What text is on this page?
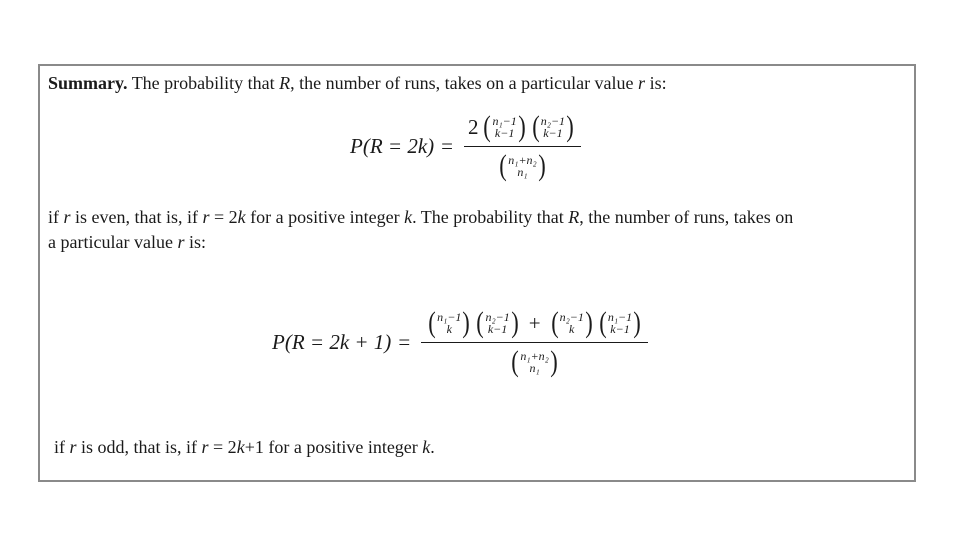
Summary. The probability that R, the number of runs, takes on a particular value r is:
P(R = 2k) = 2 ( n₁−1
k−1 ) ( n₂−1
k−1 )
( n₁+n₂
n₁ )
if r is even, that is, if r = 2k for a positive integer k. The probability that R, the number of runs, takes on
a particular value r is:
P(R = 2k + 1) =
( n₁−1
k ) ( n₂−1
k−1 ) + ( n₂−1
k ) ( n₁−1
k−1 )
( n₁+n₂
n₁ )
if r is odd, that is, if r = 2k+1 for a positive integer k.
